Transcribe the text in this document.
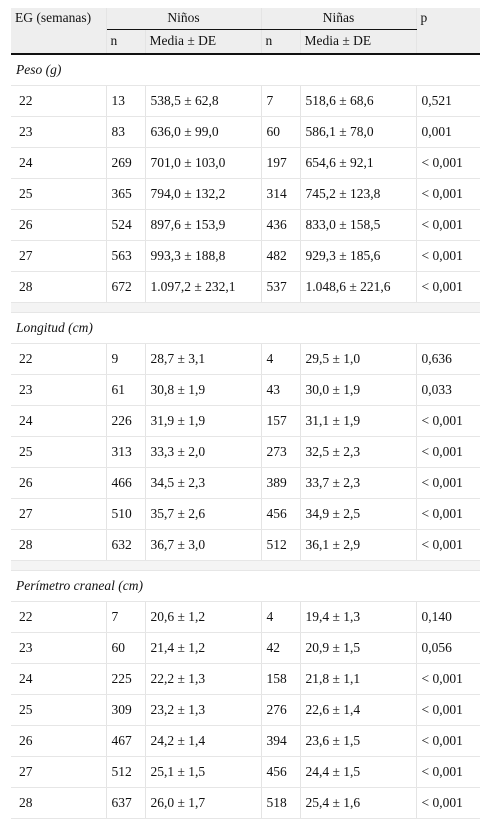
EG (semanas)	Niños		Niñas		p
	n	Media ± DE	n	Media ± DE	
Peso (g)					
22	13	538,5 ± 62,8	7	518,6 ± 68,6	0,521
23	83	636,0 ± 99,0	60	586,1 ± 78,0	0,001
24	269	701,0 ± 103,0	197	654,6 ± 92,1	< 0,001
25	365	794,0 ± 132,2	314	745,2 ± 123,8	< 0,001
26	524	897,6 ± 153,9	436	833,0 ± 158,5	< 0,001
27	563	993,3 ± 188,8	482	929,3 ± 185,6	< 0,001
28	672	1.097,2 ± 232,1	537	1.048,6 ± 221,6	< 0,001

Longitud (cm)					
22	9	28,7 ± 3,1	4	29,5 ± 1,0	0,636
23	61	30,8 ± 1,9	43	30,0 ± 1,9	0,033
24	226	31,9 ± 1,9	157	31,1 ± 1,9	< 0,001
25	313	33,3 ± 2,0	273	32,5 ± 2,3	< 0,001
26	466	34,5 ± 2,3	389	33,7 ± 2,3	< 0,001
27	510	35,7 ± 2,6	456	34,9 ± 2,5	< 0,001
28	632	36,7 ± 3,0	512	36,1 ± 2,9	< 0,001

Perímetro craneal (cm)					
22	7	20,6 ± 1,2	4	19,4 ± 1,3	0,140
23	60	21,4 ± 1,2	42	20,9 ± 1,5	0,056
24	225	22,2 ± 1,3	158	21,8 ± 1,1	< 0,001
25	309	23,2 ± 1,3	276	22,6 ± 1,4	< 0,001
26	467	24,2 ± 1,4	394	23,6 ± 1,5	< 0,001
27	512	25,1 ± 1,5	456	24,4 ± 1,5	< 0,001
28	637	26,0 ± 1,7	518	25,4 ± 1,6	< 0,001
